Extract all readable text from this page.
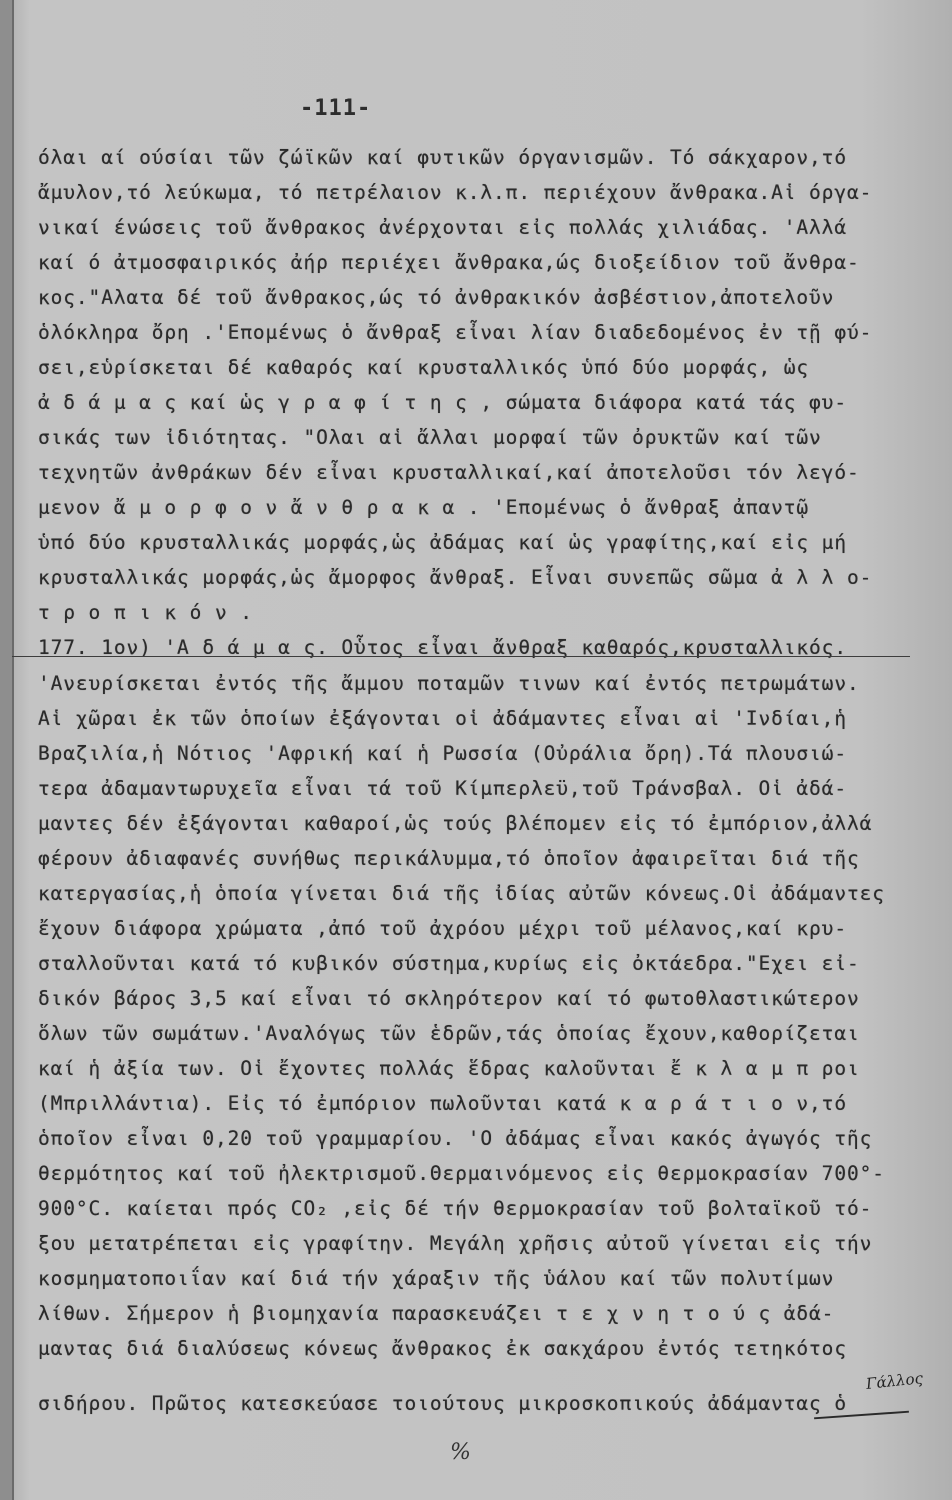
-111-
όλαι αί ούσίαι τῶν ζώϊκῶν καί φυτικῶν όργανισμῶν. Τό σάκχαρον,τό
ἄμυλον,τό λεύκωμα, τό πετρέλαιον κ.λ.π. περιέχουν ἄνθρακα.Αἱ όργα-
νικαί ένώσεις τοῦ ἄνθρακος ἀνέρχονται εἰς πολλάς χιλιάδας. 'Αλλά
καί ό ἀτμοσφαιρικός ἀήρ περιέχει ἄνθρακα,ώς διοξείδιον τοῦ ἄνθρα-
κος."Αλατα δέ τοῦ ἄνθρακος,ώς τό ἀνθρακικόν ἀσβέστιον,ἀποτελοῦν
ὁλόκληρα ὄρη .'Επομένως ὁ ἄνθραξ εἶναι λίαν διαδεδομένος ἐν τῇ φύ-
σει,εὑρίσκεται δέ καθαρός καί κρυσταλλικός ὑπό δύο μορφάς, ὡς
ἀ δ ά μ α ς καί ὡς γ ρ α φ ί τ η ς , σώματα διάφορα κατά τάς φυ-
σικάς των ἰδιότητας. "Ολαι αἱ ἄλλαι μορφαί τῶν ὀρυκτῶν καί τῶν
τεχνητῶν ἀνθράκων δέν εἶναι κρυσταλλικαί,καί ἀποτελοῦσι τόν λεγό-
μενον ἄ μ ο ρ φ ο ν ἄ ν θ ρ α κ α . 'Επομένως ὁ ἄνθραξ ἀπαντῷ
ὑπό δύο κρυσταλλικάς μορφάς,ὡς ἀδάμας καί ὡς γραφίτης,καί εἰς μή
κρυσταλλικάς μορφάς,ὡς ἄμορφος ἄνθραξ. Εἶναι συνεπῶς σῶμα ἀ λ λ ο-
τ ρ ο π ι κ ό ν .
177. 1ον) 'Α δ ά μ α ς. Οὗτος εἶναι ἄνθραξ καθαρός,κρυσταλλικός.
'Ανευρίσκεται ἐντός τῆς ἄμμου ποταμῶν τινων καί ἐντός πετρωμάτων.
Αἱ χῶραι ἐκ τῶν ὁποίων ἐξάγονται οἱ ἀδάμαντες εἶναι αἱ 'Ινδίαι,ἡ
Βραζιλία,ἡ Νότιος 'Αφρική καί ἡ Ρωσσία (Οὐράλια ὄρη).Τά πλουσιώ-
τερα ἀδαμαντωρυχεῖα εἶναι τά τοῦ Κίμπερλεϋ,τοῦ Τράνσβαλ. Οἱ ἀδά-
μαντες δέν ἐξάγονται καθαροί,ὡς τούς βλέπομεν εἰς τό ἐμπόριον,ἀλλά
φέρουν ἀδιαφανές συνήθως περικάλυμμα,τό ὁποῖον ἀφαιρεῖται διά τῆς
κατεργασίας,ἡ ὁποία γίνεται διά τῆς ἰδίας αὐτῶν κόνεως.Οἱ ἀδάμαντες
ἔχουν διάφορα χρώματα ,ἀπό τοῦ ἀχρόου μέχρι τοῦ μέλανος,καί κρυ-
σταλλοῦνται κατά τό κυβικόν σύστημα,κυρίως εἰς ὀκτάεδρα."Εχει εἰ-
δικόν βάρος 3,5 καί εἶναι τό σκληρότερον καί τό φωτοθλαστικώτερον
ὅλων τῶν σωμάτων.'Αναλόγως τῶν ἑδρῶν,τάς ὁποίας ἔχουν,καθορίζεται
καί ἡ ἀξία των. Οἱ ἔχοντες πολλάς ἕδρας καλοῦνται ἔ κ λ α μ π ροι
(Μπριλλάντια). Εἰς τό ἐμπόριον πωλοῦνται κατά κ α ρ ά τ ι ο ν,τό
ὁποῖον εἶναι 0,20 τοῦ γραμμαρίου. 'Ο ἀδάμας εἶναι κακός ἀγωγός τῆς
θερμότητος καί τοῦ ἠλεκτρισμοῦ.Θερμαινόμενος εἰς θερμοκρασίαν 700°-
900°C. καίεται πρός CO₂ ,εἰς δέ τήν θερμοκρασίαν τοῦ βολταϊκοῦ τό-
ξου μετατρέπεται εἰς γραφίτην. Μεγάλη χρῆσις αὐτοῦ γίνεται εἰς τήν
κοσμηματοποιΐαν καί διά τήν χάραξιν τῆς ὑάλου καί τῶν πολυτίμων
λίθων. Σήμερον ἡ βιομηχανία παρασκευάζει τ ε χ ν η τ ο ύ ς ἀδά-
μαντας διά διαλύσεως κόνεως ἄνθρακος ἐκ σακχάρου ἐντός τετηκότος
σιδήρου. Πρῶτος κατεσκεύασε τοιούτους μικροσκοπικούς ἀδάμαντας ὁ
Γάλλος
%
